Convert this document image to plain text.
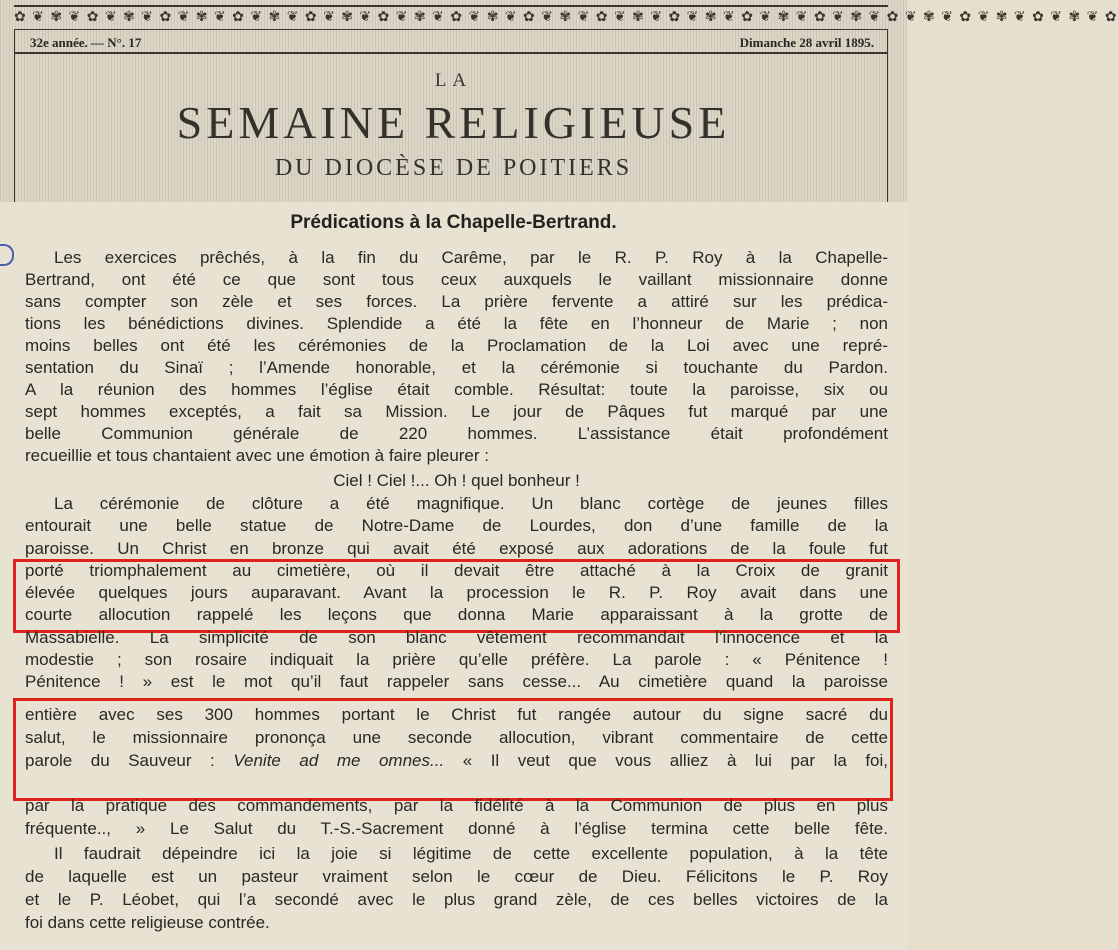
✿ ❦ ✾ ❦ ✿ ❦ ✾ ❦ ✿ ❦ ✾ ❦ ✿ ❦ ✾ ❦ ✿ ❦ ✾ ❦ ✿ ❦ ✾ ❦ ✿ ❦ ✾ ❦ ✿ ❦ ✾ ❦ ✿ ❦ ✾ ❦ ✿ ❦ ✾ ❦ ✿ ❦ ✾ ❦ ✿ ❦ ✾ ❦ ✿ ❦ ✾ ❦ ✿ ❦ ✾ ❦ ✿ ❦ ✾ ❦ ✿
32e année. — N°. 17	Dimanche 28 avril 1895.
LA
SEMAINE RELIGIEUSE
DU DIOCÈSE DE POITIERS
Prédications à la Chapelle-Bertrand.

Les exercices prêchés, à la fin du Carême, par le R. P. Roy à la Chapelle-

Bertrand, ont été ce que sont tous ceux auxquels le vaillant missionnaire donne

sans compter son zèle et ses forces. La prière fervente a attiré sur les prédica-

tions les bénédictions divines. Splendide a été la fête en l’honneur de Marie ; non

moins belles ont été les cérémonies de la Proclamation de la Loi avec une repré-

sentation du Sinaï ; l’Amende honorable, et la cérémonie si touchante du Pardon.

A la réunion des hommes l’église était comble. Résultat: toute la paroisse, six ou

sept hommes exceptés, a fait sa Mission. Le jour de Pâques fut marqué par une

belle Communion générale de 220 hommes. L’assistance était profondément

recueillie et tous chantaient avec une émotion à faire pleurer :

Ciel ! Ciel !... Oh ! quel bonheur !

La cérémonie de clôture a été magnifique. Un blanc cortège de jeunes filles

entourait une belle statue de Notre-Dame de Lourdes, don d’une famille de la

paroisse. Un Christ en bronze qui avait été exposé aux adorations de la foule fut

porté triomphalement au cimetière, où il devait être attaché à la Croix de granit

élevée quelques jours auparavant. Avant la procession le R. P. Roy avait dans une

courte allocution rappelé les leçons que donna Marie apparaissant à la grotte de

Massabielle. La simplicité de son blanc vêtement recommandait l’innocence et la

modestie ; son rosaire indiquait la prière qu’elle préfère. La parole : « Pénitence !

Pénitence ! » est le mot qu’il faut rappeler sans cesse... Au cimetière quand la paroisse

entière avec ses 300 hommes portant le Christ fut rangée autour du signe sacré du

salut, le missionnaire prononça une seconde allocution, vibrant commentaire de cette

parole du Sauveur : Venite ad me omnes... « Il veut que vous alliez à lui par la foi,

par la pratique des commandements, par la fidélité à la Communion de plus en plus

fréquente.., » Le Salut du T.-S.-Sacrement donné à l’église termina cette belle fête.

Il faudrait dépeindre ici la joie si légitime de cette excellente population, à la tête

de laquelle est un pasteur vraiment selon le cœur de Dieu. Félicitons le P. Roy

et le P. Léobet, qui l’a secondé avec le plus grand zèle, de ces belles victoires de la

foi dans cette religieuse contrée.
